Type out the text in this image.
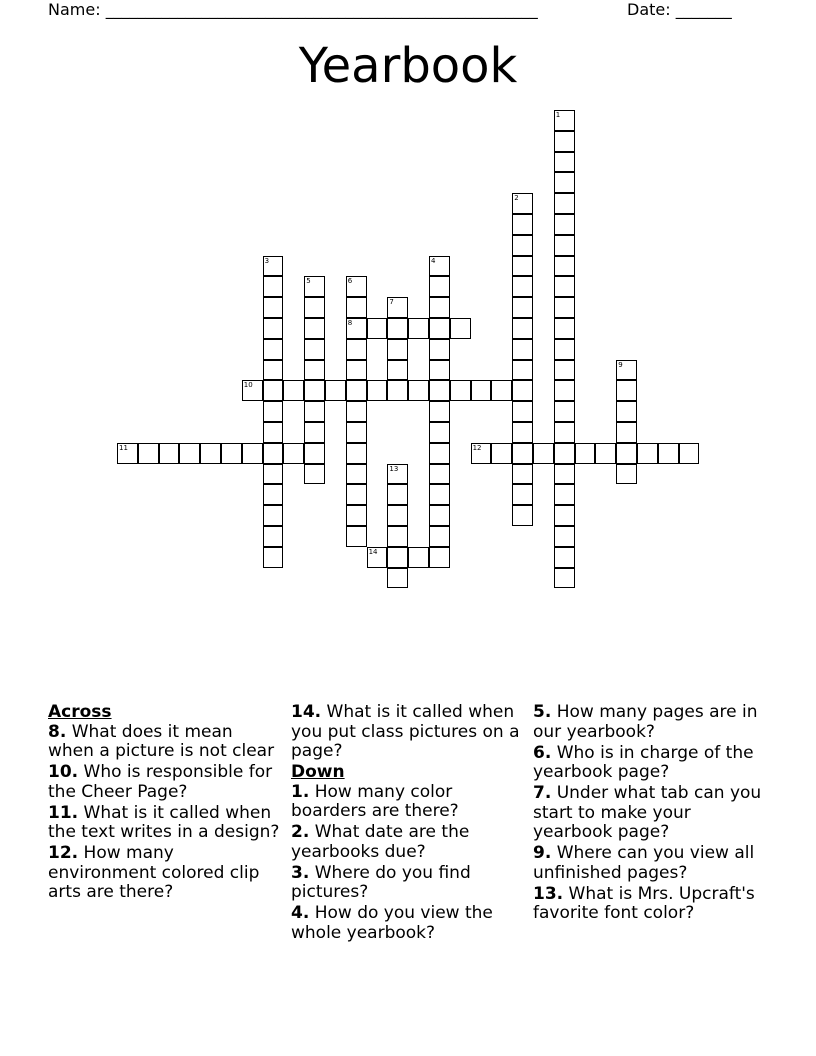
Name: ______________________________________________________	Date: _______
Yearbook
1
2
3	4
5	6
8
7
9
10
11	12
13
14
Across
8. What does it mean when a picture is not clear
10. Who is responsible for the Cheer Page?
11. What is it called when the text writes in a design?
12. How many environment colored clip arts are there?
14. What is it called when you put class pictures on a page?
Down
1. How many color boarders are there?
2. What date are the yearbooks due?
3. Where do you find pictures?
4. How do you view the whole yearbook?
5. How many pages are in our yearbook?
6. Who is in charge of the yearbook page?
7. Under what tab can you start to make your yearbook page?
9. Where can you view all unfinished pages?
13. What is Mrs. Upcraft's favorite font color?
